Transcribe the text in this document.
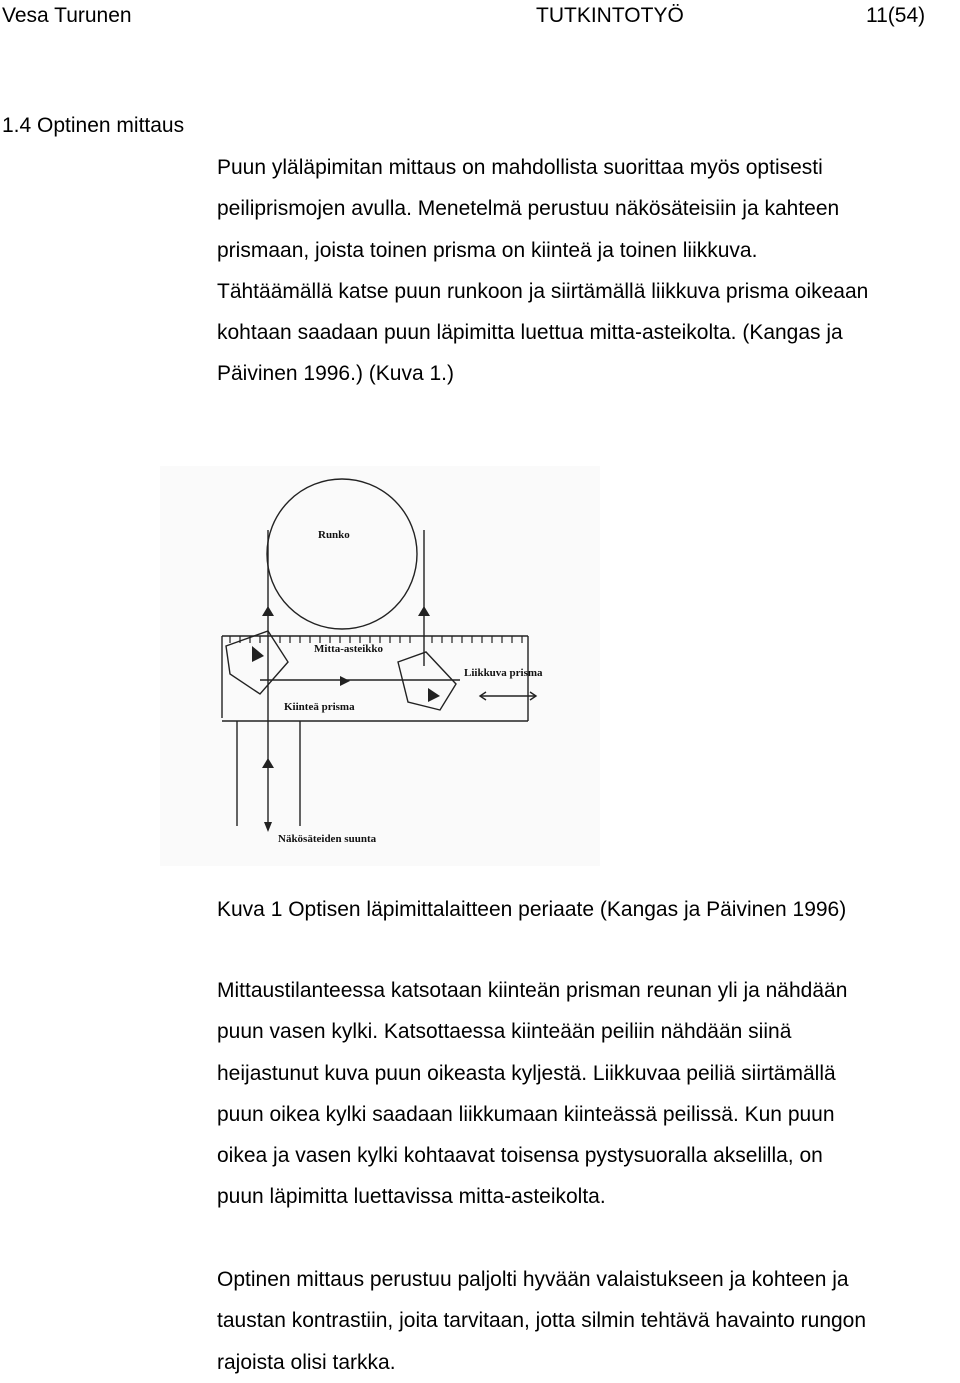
Vesa Turunen	TUTKINTOTYÖ	11(54)
1.4 Optinen mittaus
Puun yläläpimitan mittaus on mahdollista suorittaa myös optisesti
peiliprismojen avulla. Menetelmä perustuu näkösäteisiin ja kahteen
prismaan, joista toinen prisma on kiinteä ja toinen liikkuva.
Tähtäämällä katse puun runkoon ja siirtämällä liikkuva prisma oikeaan
kohtaan saadaan puun läpimitta luettua mitta-asteikolta. (Kangas ja
Päivinen 1996.) (Kuva 1.)
Runko
Mitta-asteikko
Liikkuva prisma
Kiinteä prisma
Näkösäteiden suunta
Kuva 1 Optisen läpimittalaitteen periaate (Kangas ja Päivinen 1996)
Mittaustilanteessa katsotaan kiinteän prisman reunan yli ja nähdään
puun vasen kylki. Katsottaessa kiinteään peiliin nähdään siinä
heijastunut kuva puun oikeasta kyljestä. Liikkuvaa peiliä siirtämällä
puun oikea kylki saadaan liikkumaan kiinteässä peilissä. Kun puun
oikea ja vasen kylki kohtaavat toisensa pystysuoralla akselilla, on
puun läpimitta luettavissa mitta-asteikolta.
Optinen mittaus perustuu paljolti hyvään valaistukseen ja kohteen ja
taustan kontrastiin, joita tarvitaan, jotta silmin tehtävä havainto rungon
rajoista olisi tarkka.
